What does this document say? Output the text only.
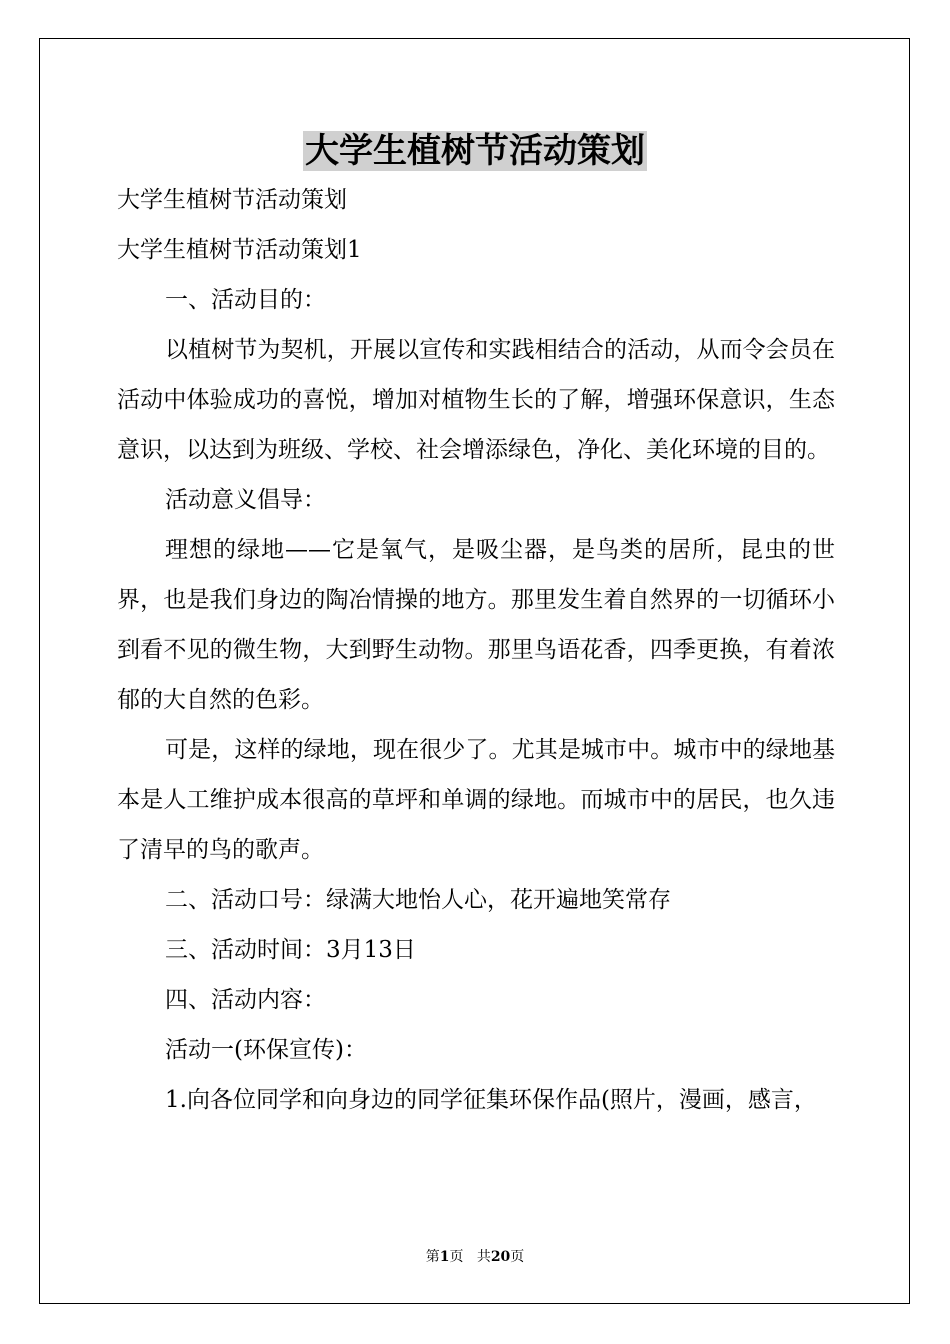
大学生植树节活动策划

大学生植树节活动策划

大学生植树节活动策划1

一、活动目的：

以植树节为契机，开展以宣传和实践相结合的活动，从而令会员在活动中体验成功的喜悦，增加对植物生长的了解，增强环保意识，生态意识，以达到为班级、学校、社会增添绿色，净化、美化环境的目的。

活动意义倡导：

理想的绿地——它是氧气，是吸尘器，是鸟类的居所，昆虫的世界，也是我们身边的陶冶情操的地方。那里发生着自然界的一切循环小到看不见的微生物，大到野生动物。那里鸟语花香，四季更换，有着浓郁的大自然的色彩。

可是，这样的绿地，现在很少了。尤其是城市中。城市中的绿地基本是人工维护成本很高的草坪和单调的绿地。而城市中的居民，也久违了清早的鸟的歌声。

二、活动口号：绿满大地怡人心，花开遍地笑常存

三、活动时间：3月13日

四、活动内容：

活动一(环保宣传)：

1.向各位同学和向身边的同学征集环保作品(照片，漫画，感言，

第1页 共20页
